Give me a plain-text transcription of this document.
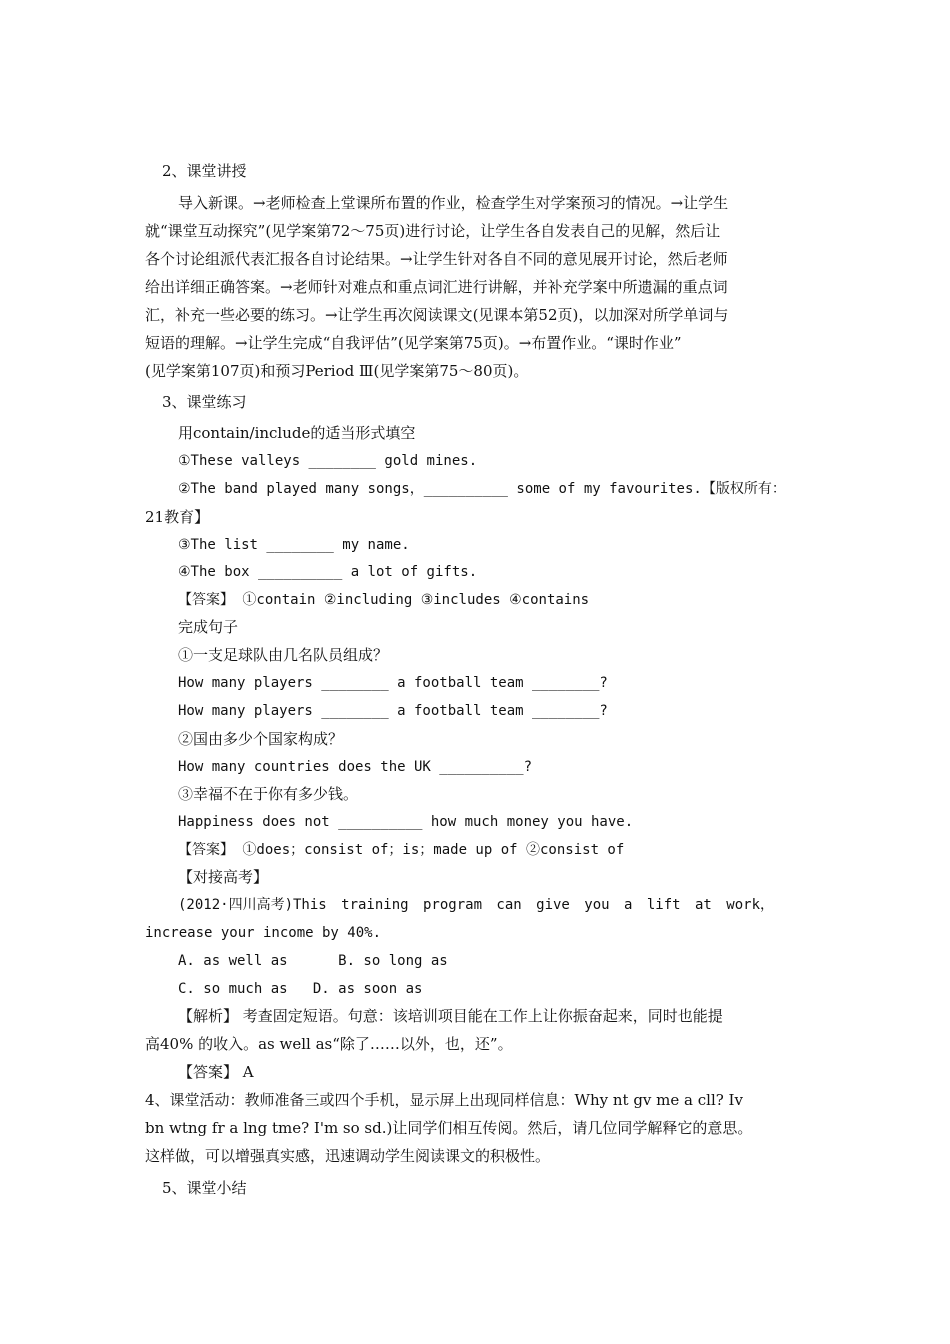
2、课堂讲授
导入新课。→老师检查上堂课所布置的作业，检查学生对学案预习的情况。→让学生
就“课堂互动探究”(见学案第72～75页)进行讨论，让学生各自发表自己的见解，然后让
各个讨论组派代表汇报各自讨论结果。→让学生针对各自不同的意见展开讨论，然后老师
给出详细正确答案。→老师针对难点和重点词汇进行讲解，并补充学案中所遗漏的重点词
汇，补充一些必要的练习。→让学生再次阅读课文(见课本第52页)，以加深对所学单词与
短语的理解。→让学生完成“自我评估”(见学案第75页)。→布置作业。“课时作业”
(见学案第107页)和预习Period Ⅲ(见学案第75～80页)。
3、课堂练习
用contain/include的适当形式填空
①These valleys ________ gold mines.
②The band played many songs，__________ some of my favourites.【版权所有：
21教育】
③The list ________ my name.
④The box __________ a lot of gifts.
【答案】 ①contain ②including ③includes ④contains
完成句子
①一支足球队由几名队员组成？
How many players ________ a football team ________?
How many players ________ a football team ________?
②国由多少个国家构成？
How many countries does the UK __________?
③幸福不在于你有多少钱。
Happiness does not __________ how much money you have.
【答案】 ①does；consist of；is；made up of ②consist of
【对接高考】
(2012·四川高考)This training program can give you a lift at work，
increase your income by 40%.
A. as well as      B. so long as
C. so much as   D. as soon as
【解析】 考查固定短语。句意：该培训项目能在工作上让你振奋起来，同时也能提
高40% 的收入。as well as“除了……以外，也，还”。
【答案】 A
4、课堂活动：教师准备三或四个手机，显示屏上出现同样信息：Why nt gv me a cll? Iv
bn wtng fr a lng tme? I'm so sd.)让同学们相互传阅。然后，请几位同学解释它的意思。
这样做，可以增强真实感，迅速调动学生阅读课文的积极性。
5、课堂小结
